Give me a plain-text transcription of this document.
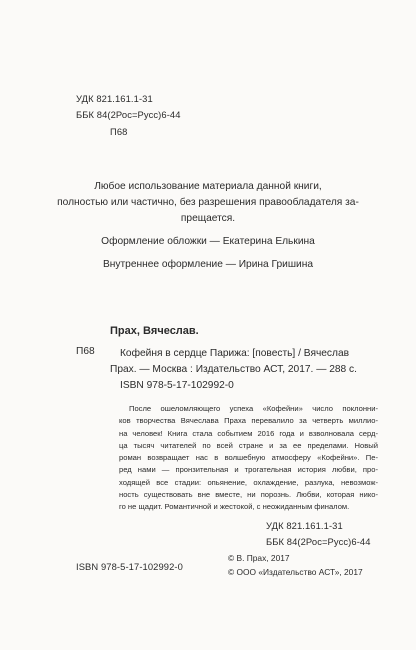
УДК 821.161.1-31
ББК 84(2Рос=Русс)6-44
П68
Любое использование материала данной книги,
полностью или частично, без разрешения правообладателя за-
прещается.
Оформление обложки — Екатерина Елькина
Внутреннее оформление — Ирина Гришина
Прах, Вячеслав.
П68 Кофейня в сердце Парижа: [повесть] / Вячеслав
Прах. — Москва : Издательство АСТ, 2017. — 288 с.
ISBN 978-5-17-102992-0
После ошеломляющего успеха «Кофейни» число поклонни-
ков творчества Вячеслава Праха перевалило за четверть миллио-
на человек! Книга стала событием 2016 года и взволновала серд-
ца тысяч читателей по всей стране и за ее пределами. Новый
роман возвращает нас в волшебную атмосферу «Кофейни». Пе-
ред нами — пронзительная и трогательная история любви, про-
ходящей все стадии: опьянение, охлаждение, разлука, невозмож-
ность существовать вне вместе, ни порознь. Любви, которая нико-
го не щадит. Романтичной и жестокой, с неожиданным финалом.
УДК 821.161.1-31
ББК 84(2Рос=Русс)6-44
ISBN 978-5-17-102992-0
© В. Прах, 2017
© ООО «Издательство АСТ», 2017
